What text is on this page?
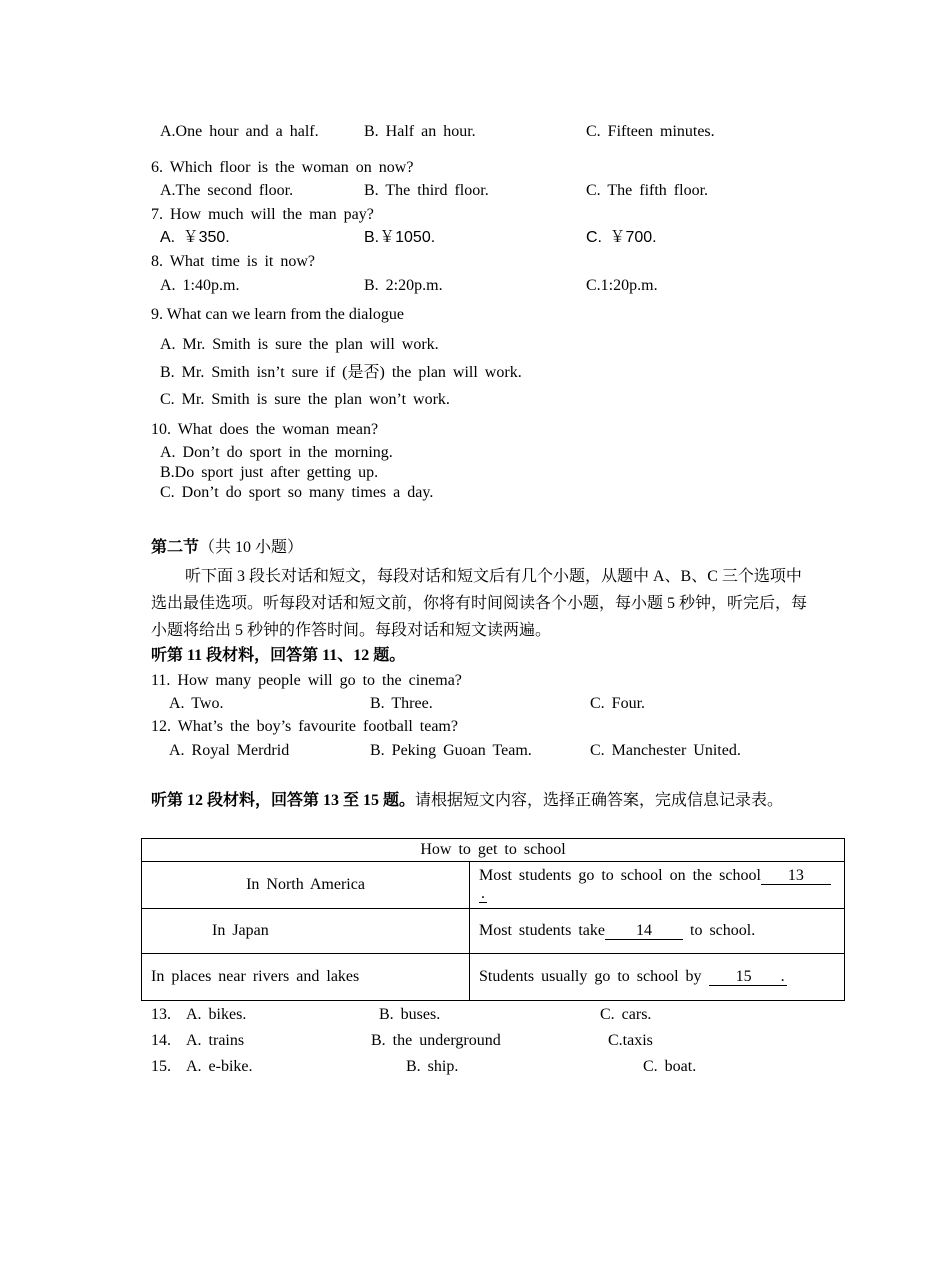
A.One hour and a half.	B. Half an hour.	C. Fifteen minutes.
6. Which floor is the woman on now?
A.The second floor.	B. The third floor.	C. The fifth floor.
7. How much will the man pay?
A. ￥350.	B.￥1050.	C. ￥700.
8. What time is it now?
A. 1:40p.m.	B. 2:20p.m.	C.1:20p.m.
9. What can we learn from the dialogue
A. Mr. Smith is sure the plan will work.
B. Mr. Smith isn’t sure if (是否) the plan will work.
C. Mr. Smith is sure the plan won’t work.
10. What does the woman mean?
A. Don’t do sport in the morning.
B.Do sport just after getting up.
C. Don’t do sport so many times a day.
第二节（共 10 小题）
听下面 3 段长对话和短文，每段对话和短文后有几个小题，从题中 A、B、C 三个选项中选出最佳选项。听每段对话和短文前，你将有时间阅读各个小题，每小题 5 秒钟，听完后，每小题将给出 5 秒钟的作答时间。每段对话和短文读两遍。
听第 11 段材料，回答第 11、12 题。
11. How many people will go to the cinema?
A. Two.	B. Three.	C. Four.
12. What’s the boy’s favourite football team?
A. Royal Merdrid	B. Peking Guoan Team.	C. Manchester United.
听第 12 段材料，回答第 13 至 15 题。请根据短文内容，选择正确答案，完成信息记录表。
How to get to school	
In North America	Most students go to school on the school 13.
In Japan	Most students take 14 to school.
In places near rivers and lakes	Students usually go to school by 15 .
13. A. bikes.	B. buses.	C. cars.
14. A. trains	B. the underground	C.taxis
15. A. e-bike.	B. ship.	C. boat.
